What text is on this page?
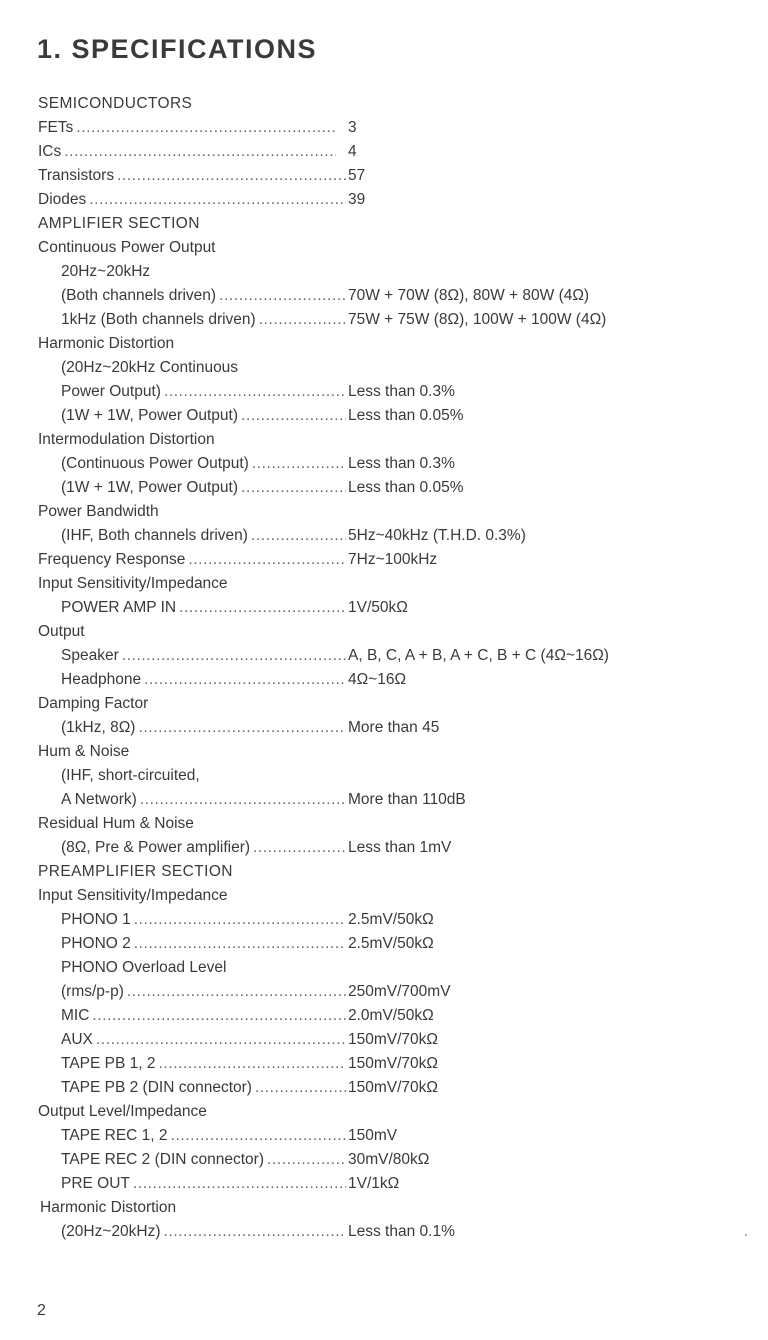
1. SPECIFICATIONS
SEMICONDUCTORS
FETs .....	3
ICs .....	4
Transistors .....	57
Diodes .....	39
AMPLIFIER SECTION
Continuous Power Output
20Hz~20kHz
(Both channels driven) .....	70W + 70W (8Ω), 80W + 80W (4Ω)
1kHz (Both channels driven) .....	75W + 75W (8Ω), 100W + 100W (4Ω)
Harmonic Distortion
(20Hz~20kHz Continuous
Power Output) .....	Less than 0.3%
(1W + 1W, Power Output) .....	Less than 0.05%
Intermodulation Distortion
(Continuous Power Output) .....	Less than 0.3%
(1W + 1W, Power Output) .....	Less than 0.05%
Power Bandwidth
(IHF, Both channels driven) .....	5Hz~40kHz (T.H.D. 0.3%)
Frequency Response .....	7Hz~100kHz
Input Sensitivity/Impedance
POWER AMP IN .....	1V/50kΩ
Output
Speaker .....	A, B, C, A + B, A + C, B + C (4Ω~16Ω)
Headphone .....	4Ω~16Ω
Damping Factor
(1kHz, 8Ω) .....	More than 45
Hum & Noise
(IHF, short-circuited,
A Network) .....	More than 110dB
Residual Hum & Noise
(8Ω, Pre & Power amplifier) .....	Less than 1mV
PREAMPLIFIER SECTION
Input Sensitivity/Impedance
PHONO 1 .....	2.5mV/50kΩ
PHONO 2 .....	2.5mV/50kΩ
PHONO Overload Level
(rms/p-p) .....	250mV/700mV
MIC .....	2.0mV/50kΩ
AUX .....	150mV/70kΩ
TAPE PB 1, 2 .....	150mV/70kΩ
TAPE PB 2 (DIN connector) .....	150mV/70kΩ
Output Level/Impedance
TAPE REC 1, 2 .....	150mV
TAPE REC 2 (DIN connector) .....	30mV/80kΩ
PRE OUT .....	1V/1kΩ
Harmonic Distortion
(20Hz~20kHz) .....	Less than 0.1%
2
